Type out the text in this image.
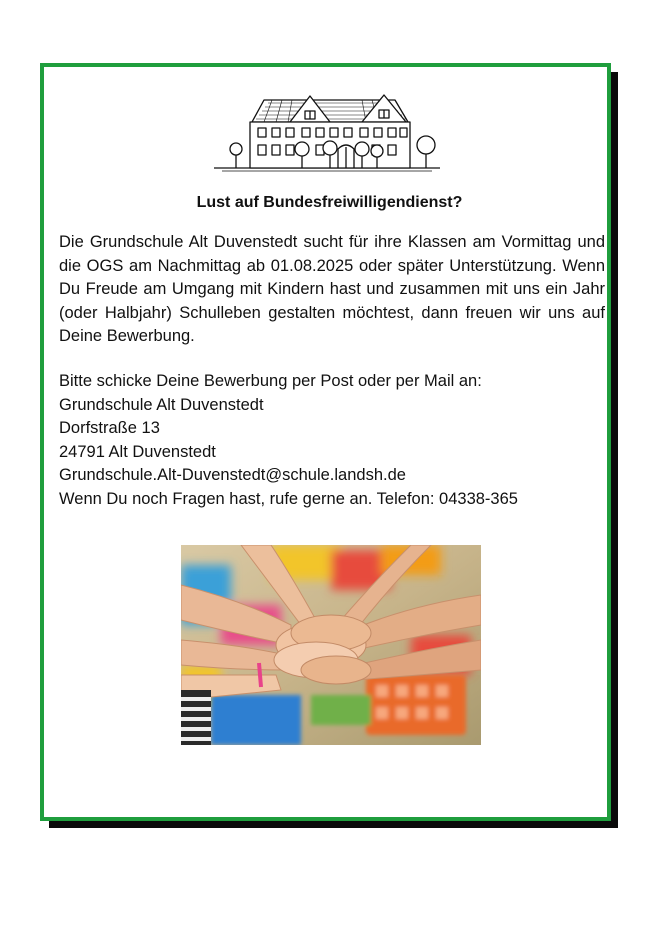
Lust auf Bundesfreiwilligendienst?

Die Grundschule Alt Duvenstedt sucht für ihre Klassen am Vormittag und die OGS am Nachmittag ab 01.08.2025 oder später Unterstützung. Wenn Du Freude am Umgang mit Kindern hast und zusammen mit uns ein Jahr (oder Halbjahr) Schulleben gestalten möchtest, dann freuen wir uns auf Deine Bewerbung.

Bitte schicke Deine Bewerbung per Post oder per Mail an:
Grundschule Alt Duvenstedt
Dorfstraße 13
24791 Alt Duvenstedt
Grundschule.Alt-Duvenstedt@schule.landsh.de
Wenn Du noch Fragen hast, rufe gerne an. Telefon: 04338-365
